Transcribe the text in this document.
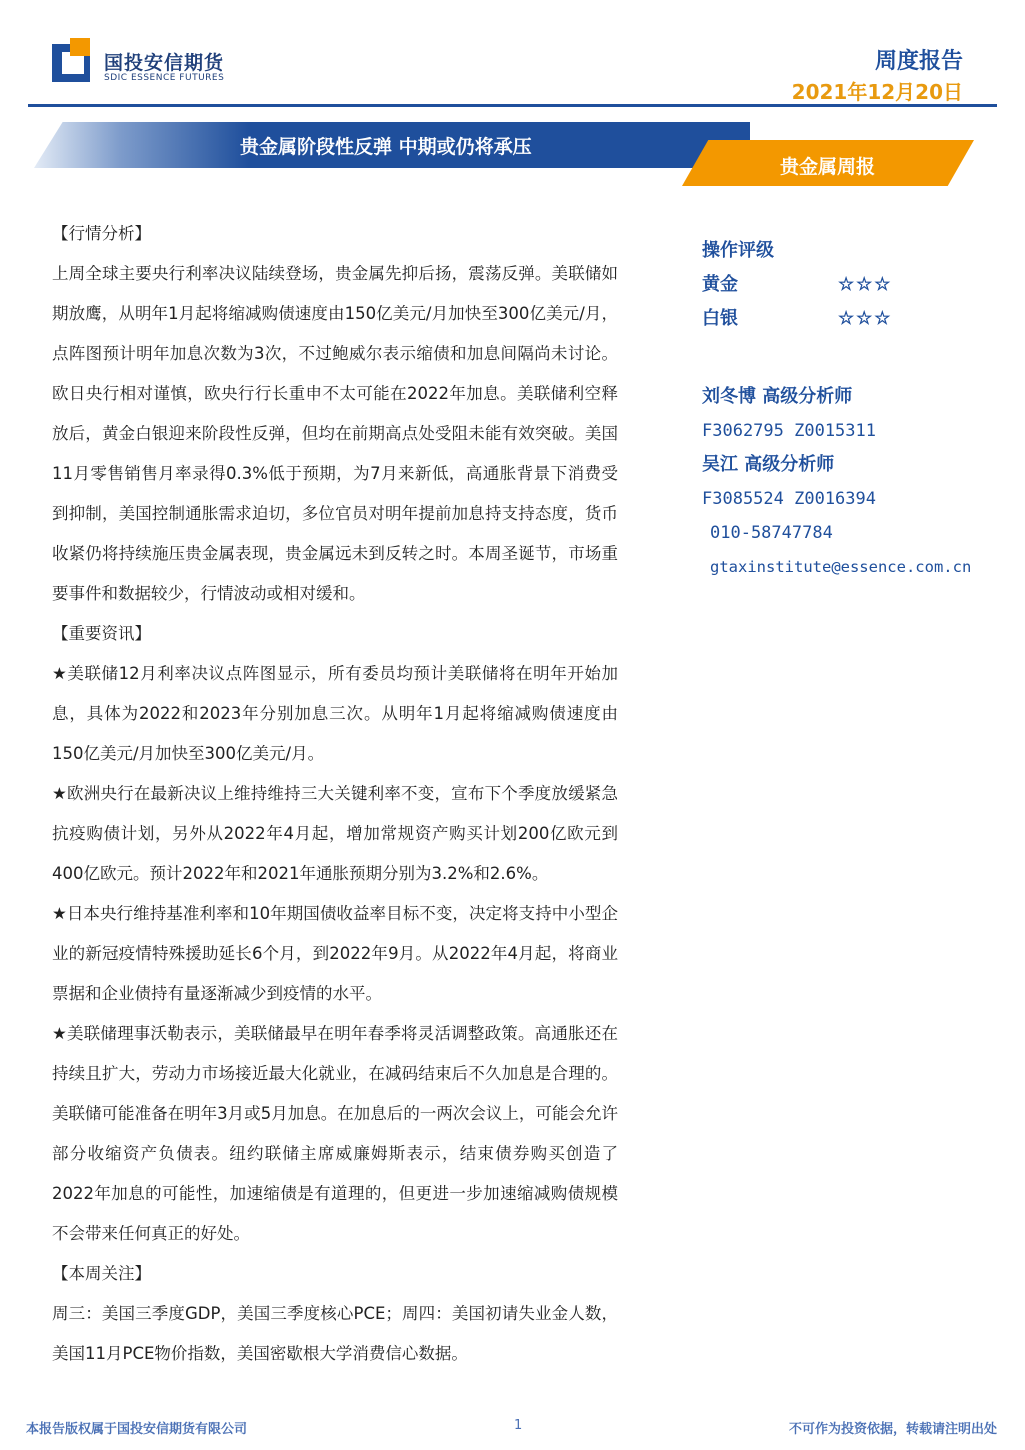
国投安信期货
SDIC ESSENCE FUTURES
周度报告
2021年12月20日
贵金属阶段性反弹 中期或仍将承压
贵金属周报
【行情分析】

上周全球主要央行利率决议陆续登场，贵金属先抑后扬，震荡反弹。美联储如期放鹰，从明年1月起将缩减购债速度由150亿美元/月加快至300亿美元/月，点阵图预计明年加息次数为3次，不过鲍威尔表示缩债和加息间隔尚未讨论。欧日央行相对谨慎，欧央行行长重申不太可能在2022年加息。美联储利空释放后，黄金白银迎来阶段性反弹，但均在前期高点处受阻未能有效突破。美国11月零售销售月率录得0.3%低于预期，为7月来新低，高通胀背景下消费受到抑制，美国控制通胀需求迫切，多位官员对明年提前加息持支持态度，货币收紧仍将持续施压贵金属表现，贵金属远未到反转之时。本周圣诞节，市场重要事件和数据较少，行情波动或相对缓和。

【重要资讯】

★美联储12月利率决议点阵图显示，所有委员均预计美联储将在明年开始加息，具体为2022和2023年分别加息三次。从明年1月起将缩减购债速度由150亿美元/月加快至300亿美元/月。

★欧洲央行在最新决议上维持维持三大关键利率不变，宣布下个季度放缓紧急抗疫购债计划，另外从2022年4月起，增加常规资产购买计划200亿欧元到400亿欧元。预计2022年和2021年通胀预期分别为3.2%和2.6%。

★日本央行维持基准利率和10年期国债收益率目标不变，决定将支持中小型企业的新冠疫情特殊援助延长6个月，到2022年9月。从2022年4月起，将商业票据和企业债持有量逐渐减少到疫情的水平。

★美联储理事沃勒表示，美联储最早在明年春季将灵活调整政策。高通胀还在持续且扩大，劳动力市场接近最大化就业，在减码结束后不久加息是合理的。美联储可能准备在明年3月或5月加息。在加息后的一两次会议上，可能会允许部分收缩资产负债表。纽约联储主席威廉姆斯表示，结束债券购买创造了2022年加息的可能性，加速缩债是有道理的，但更进一步加速缩减购债规模不会带来任何真正的好处。

【本周关注】

周三：美国三季度GDP，美国三季度核心PCE；周四：美国初请失业金人数，美国11月PCE物价指数，美国密歇根大学消费信心数据。

操作评级
黄金	☆☆☆
白银	☆☆☆
刘冬博 高级分析师
F3062795 Z0015311
吴江 高级分析师
F3085524 Z0016394
010-58747784
gtaxinstitute@essence.com.cn
本报告版权属于国投安信期货有限公司	1	不可作为投资依据，转载请注明出处
